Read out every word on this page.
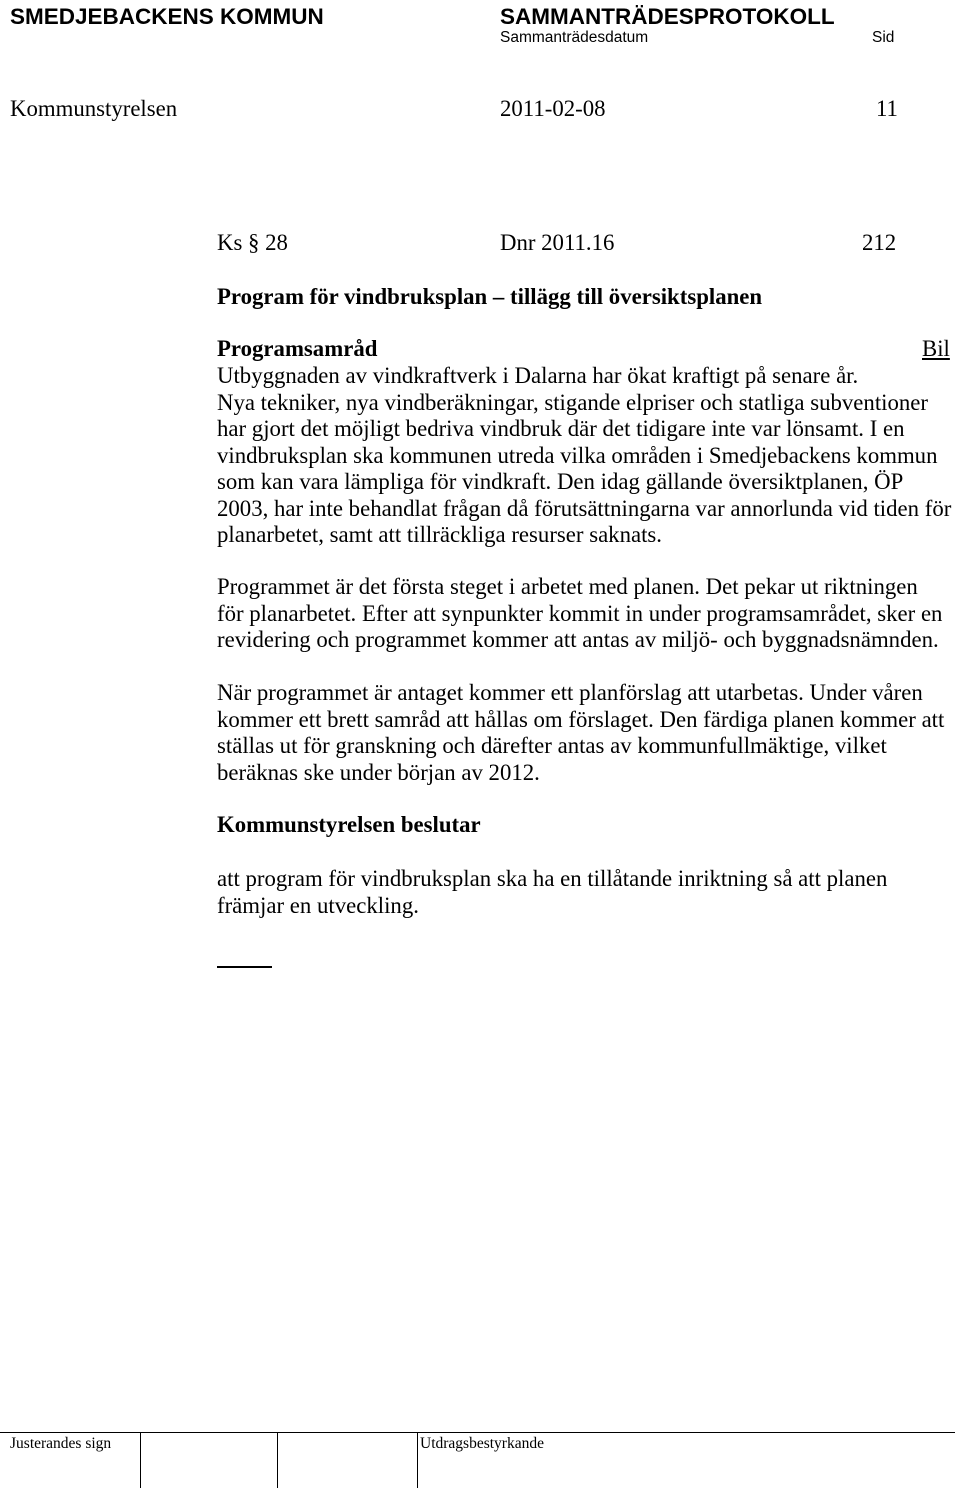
SMEDJEBACKENS KOMMUN	SAMMANTRÄDESPROTOKOLL
Sammanträdesdatum	Sid
Kommunstyrelsen	2011-02-08	11
Ks § 28	Dnr 2011.16	212
Program för vindbruksplan – tillägg till översiktsplanen
Programsamråd	Bil
Utbyggnaden av vindkraftverk i Dalarna har ökat kraftigt på senare år.
Nya tekniker, nya vindberäkningar, stigande elpriser och statliga subventioner
har gjort det möjligt bedriva vindbruk där det tidigare inte var lönsamt. I en
vindbruksplan ska kommunen utreda vilka områden i Smedjebackens kommun
som kan vara lämpliga för vindkraft. Den idag gällande översiktplanen, ÖP
2003, har inte behandlat frågan då förutsättningarna var annorlunda vid tiden för
planarbetet, samt att tillräckliga resurser saknats.
Programmet är det första steget i arbetet med planen. Det pekar ut riktningen
för planarbetet. Efter att synpunkter kommit in under programsamrådet, sker en
revidering och programmet kommer att antas av miljö- och byggnadsnämnden.
När programmet är antaget kommer ett planförslag att utarbetas. Under våren
kommer ett brett samråd att hållas om förslaget. Den färdiga planen kommer att
ställas ut för granskning och därefter antas av kommunfullmäktige, vilket
beräknas ske under början av 2012.
Kommunstyrelsen beslutar
att program för vindbruksplan ska ha en tillåtande inriktning så att planen
främjar en utveckling.
Justerandes sign	Utdragsbestyrkande
